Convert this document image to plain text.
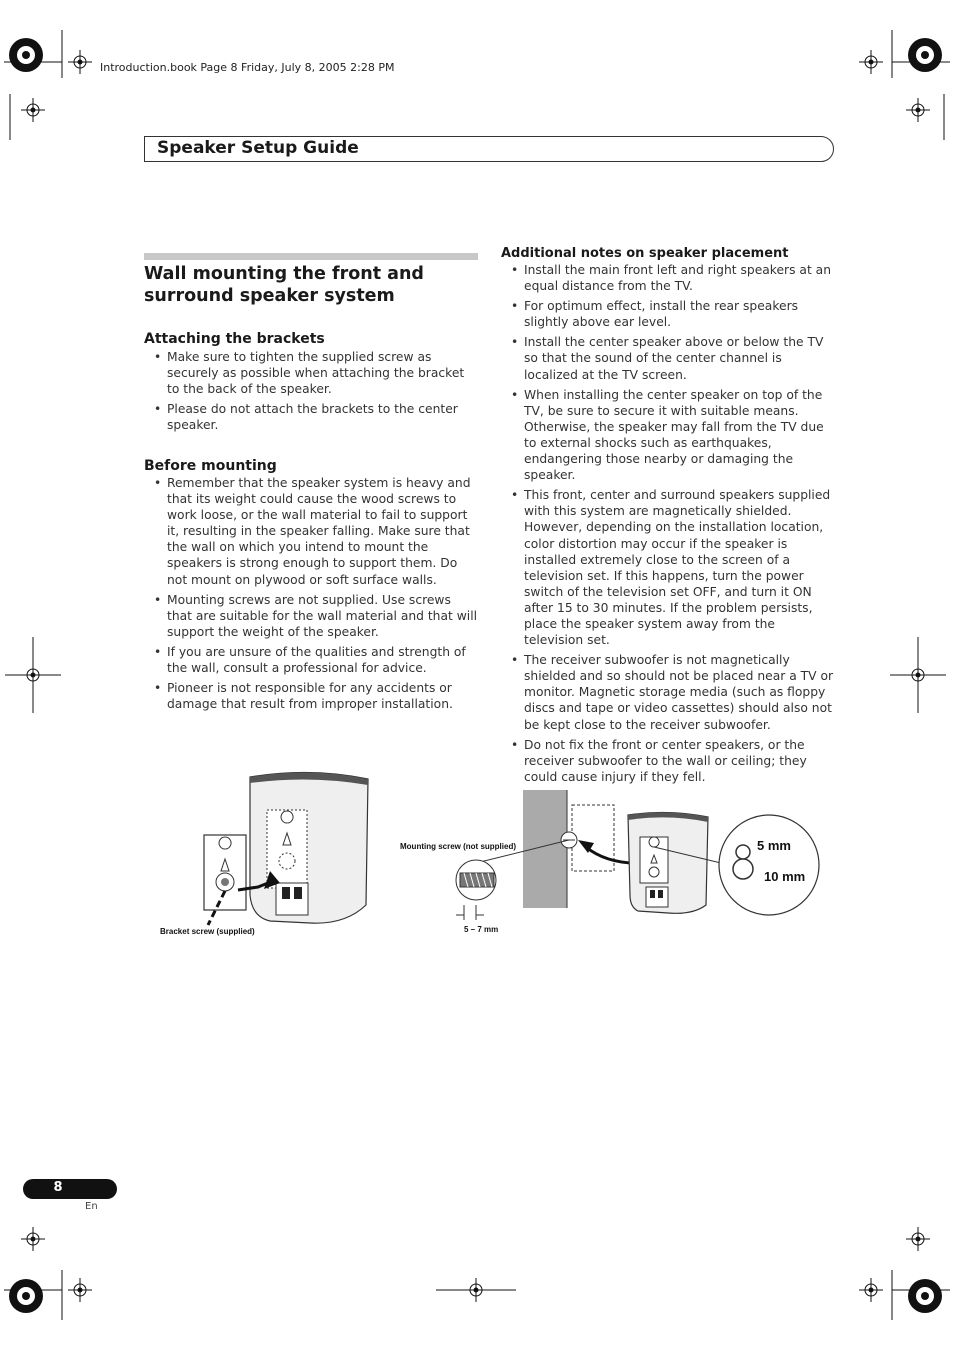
Introduction.book Page 8 Friday, July 8, 2005 2:28 PM
Speaker Setup Guide
Wall mounting the front and surround speaker system
Attaching the brackets
• Make sure to tighten the supplied screw as securely as possible when attaching the bracket to the back of the speaker.
• Please do not attach the brackets to the center speaker.
Before mounting
• Remember that the speaker system is heavy and that its weight could cause the wood screws to work loose, or the wall material to fail to support it, resulting in the speaker falling. Make sure that the wall on which you intend to mount the speakers is strong enough to support them. Do not mount on plywood or soft surface walls.
• Mounting screws are not supplied. Use screws that are suitable for the wall material and that will support the weight of the speaker.
• If you are unsure of the qualities and strength of the wall, consult a professional for advice.
• Pioneer is not responsible for any accidents or damage that result from improper installation.
Additional notes on speaker placement
• Install the main front left and right speakers at an equal distance from the TV.
• For optimum effect, install the rear speakers slightly above ear level.
• Install the center speaker above or below the TV so that the sound of the center channel is localized at the TV screen.
• When installing the center speaker on top of the TV, be sure to secure it with suitable means. Otherwise, the speaker may fall from the TV due to external shocks such as earthquakes, endangering those nearby or damaging the speaker.
• This front, center and surround speakers supplied with this system are magnetically shielded. However, depending on the installation location, color distortion may occur if the speaker is installed extremely close to the screen of a television set. If this happens, turn the power switch of the television set OFF, and turn it ON after 15 to 30 minutes. If the problem persists, place the speaker system away from the television set.
• The receiver subwoofer is not magnetically shielded and so should not be placed near a TV or monitor. Magnetic storage media (such as floppy discs and tape or video cassettes) should also not be kept close to the receiver subwoofer.
• Do not fix the front or center speakers, or the receiver subwoofer to the wall or ceiling; they could cause injury if they fell.
Bracket screw (supplied)
Mounting screw (not supplied)
5 – 7 mm
5 mm
10 mm
8
En
